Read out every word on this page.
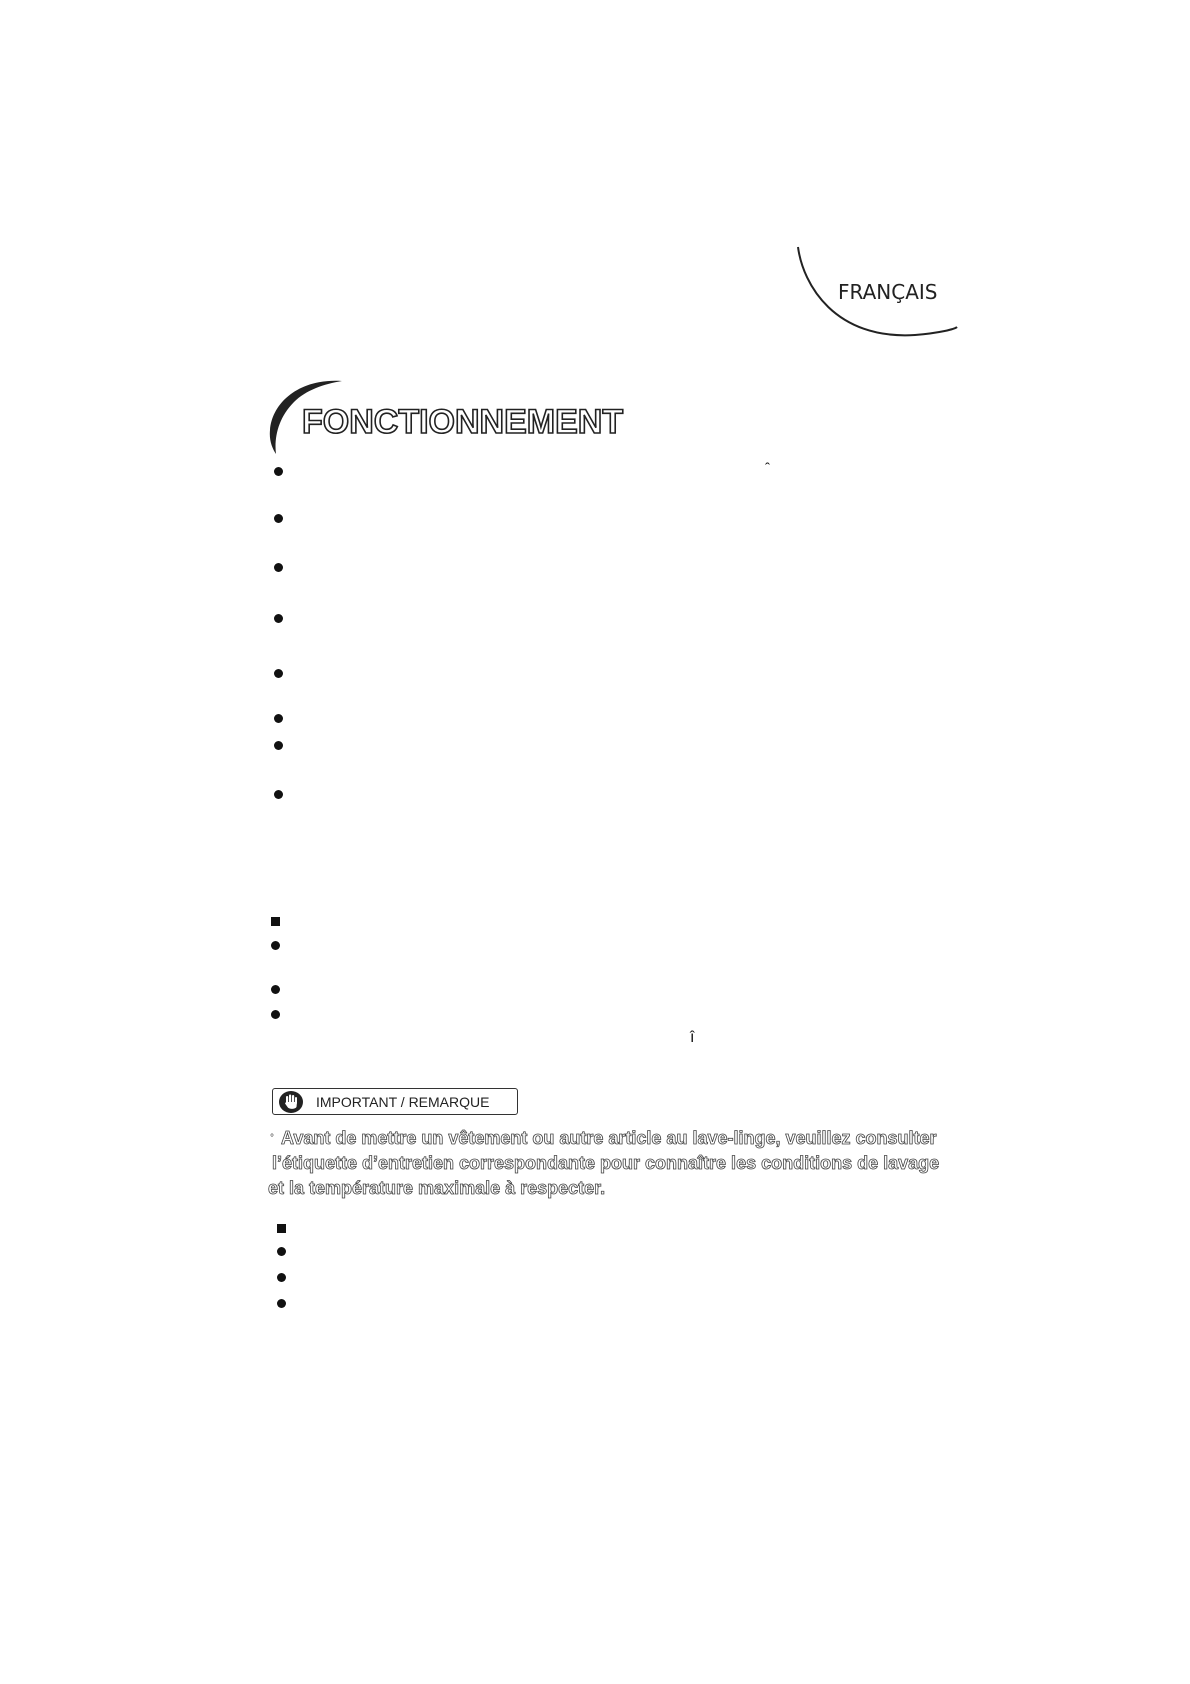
FRANÇAIS
FONCTIONNEMENT
ˆ
î
IMPORTANT / REMARQUE
° Avant de mettre un vêtement ou autre article au lave-linge, veuillez consulter
l’étiquette d’entretien correspondante pour connaître les conditions de lavage
et la température maximale à respecter.
